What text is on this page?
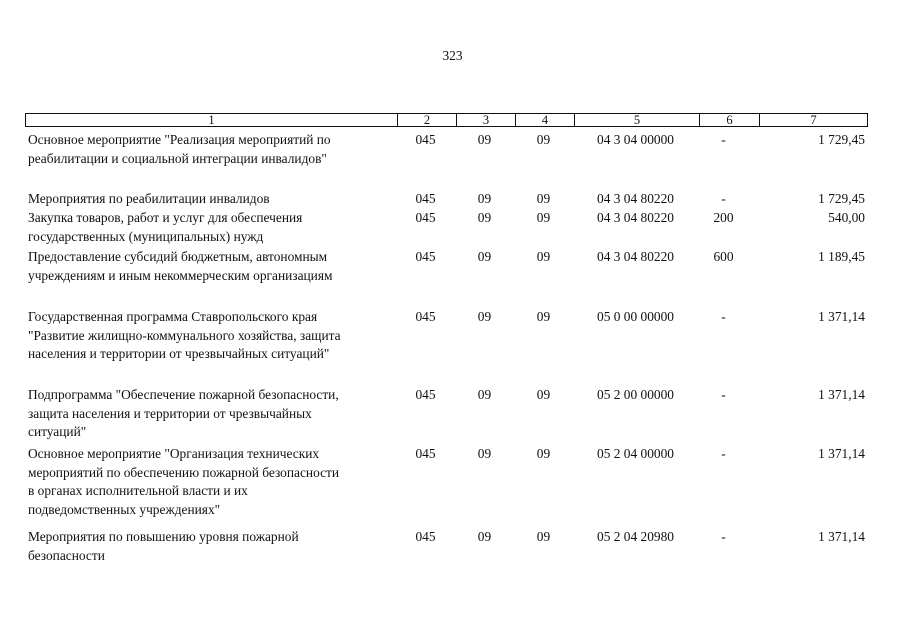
323
1	2	3	4	5	6	7
Основное мероприятие "Реализация мероприятий по
реабилитации и социальной интеграции инвалидов"
045	09	09	04 3 04 00000	-	1 729,45
Мероприятия по реабилитации инвалидов	045	09	09	04 3 04 80220	-	1 729,45
Закупка товаров, работ и услуг для обеспечения
государственных (муниципальных) нужд
045	09	09	04 3 04 80220	200	540,00
Предоставление субсидий бюджетным, автономным
учреждениям и иным некоммерческим организациям
045	09	09	04 3 04 80220	600	1 189,45
Государственная программа Ставропольского края
"Развитие жилищно-коммунального хозяйства, защита
населения и территории от чрезвычайных ситуаций"
045	09	09	05 0 00 00000	-	1 371,14
Подпрограмма "Обеспечение пожарной безопасности,
защита населения и территории от чрезвычайных
ситуаций"
045	09	09	05 2 00 00000	-	1 371,14
Основное мероприятие "Организация технических
мероприятий по обеспечению пожарной безопасности
в органах исполнительной власти и их
подведомственных учреждениях"
045	09	09	05 2 04 00000	-	1 371,14
Мероприятия по повышению уровня пожарной
безопасности
045	09	09	05 2 04 20980	-	1 371,14
